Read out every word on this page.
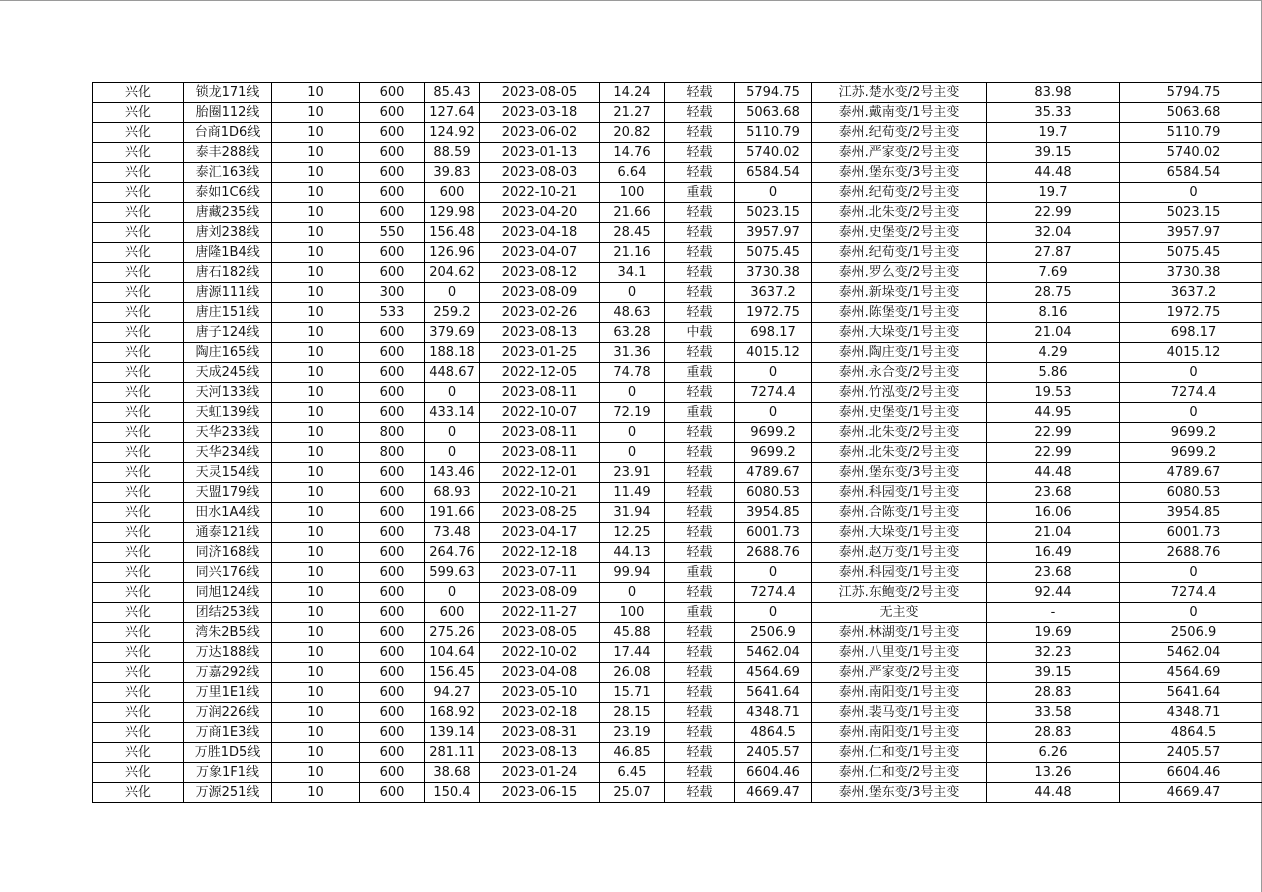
兴化	锁龙171线	10	600	85.43	2023-08-05	14.24	轻载	5794.75	江苏.楚水变/2号主变	83.98	5794.75
兴化	胎圈112线	10	600	127.64	2023-03-18	21.27	轻载	5063.68	泰州.戴南变/1号主变	35.33	5063.68
兴化	台商1D6线	10	600	124.92	2023-06-02	20.82	轻载	5110.79	泰州.纪荀变/2号主变	19.7	5110.79
兴化	泰丰288线	10	600	88.59	2023-01-13	14.76	轻载	5740.02	泰州.严家变/2号主变	39.15	5740.02
兴化	泰汇163线	10	600	39.83	2023-08-03	6.64	轻载	6584.54	泰州.堡东变/3号主变	44.48	6584.54
兴化	泰如1C6线	10	600	600	2022-10-21	100	重载	0	泰州.纪荀变/2号主变	19.7	0
兴化	唐藏235线	10	600	129.98	2023-04-20	21.66	轻载	5023.15	泰州.北朱变/2号主变	22.99	5023.15
兴化	唐刘238线	10	550	156.48	2023-04-18	28.45	轻载	3957.97	泰州.史堡变/2号主变	32.04	3957.97
兴化	唐隆1B4线	10	600	126.96	2023-04-07	21.16	轻载	5075.45	泰州.纪荀变/1号主变	27.87	5075.45
兴化	唐石182线	10	600	204.62	2023-08-12	34.1	轻载	3730.38	泰州.罗么变/2号主变	7.69	3730.38
兴化	唐源111线	10	300	0	2023-08-09	0	轻载	3637.2	泰州.新垛变/1号主变	28.75	3637.2
兴化	唐庄151线	10	533	259.2	2023-02-26	48.63	轻载	1972.75	泰州.陈堡变/1号主变	8.16	1972.75
兴化	唐子124线	10	600	379.69	2023-08-13	63.28	中载	698.17	泰州.大垛变/1号主变	21.04	698.17
兴化	陶庄165线	10	600	188.18	2023-01-25	31.36	轻载	4015.12	泰州.陶庄变/1号主变	4.29	4015.12
兴化	天成245线	10	600	448.67	2022-12-05	74.78	重载	0	泰州.永合变/2号主变	5.86	0
兴化	天河133线	10	600	0	2023-08-11	0	轻载	7274.4	泰州.竹泓变/2号主变	19.53	7274.4
兴化	天虹139线	10	600	433.14	2022-10-07	72.19	重载	0	泰州.史堡变/1号主变	44.95	0
兴化	天华233线	10	800	0	2023-08-11	0	轻载	9699.2	泰州.北朱变/2号主变	22.99	9699.2
兴化	天华234线	10	800	0	2023-08-11	0	轻载	9699.2	泰州.北朱变/2号主变	22.99	9699.2
兴化	天灵154线	10	600	143.46	2022-12-01	23.91	轻载	4789.67	泰州.堡东变/3号主变	44.48	4789.67
兴化	天盟179线	10	600	68.93	2022-10-21	11.49	轻载	6080.53	泰州.科园变/1号主变	23.68	6080.53
兴化	田水1A4线	10	600	191.66	2023-08-25	31.94	轻载	3954.85	泰州.合陈变/1号主变	16.06	3954.85
兴化	通泰121线	10	600	73.48	2023-04-17	12.25	轻载	6001.73	泰州.大垛变/1号主变	21.04	6001.73
兴化	同济168线	10	600	264.76	2022-12-18	44.13	轻载	2688.76	泰州.赵万变/1号主变	16.49	2688.76
兴化	同兴176线	10	600	599.63	2023-07-11	99.94	重载	0	泰州.科园变/1号主变	23.68	0
兴化	同旭124线	10	600	0	2023-08-09	0	轻载	7274.4	江苏.东鲍变/2号主变	92.44	7274.4
兴化	团结253线	10	600	600	2022-11-27	100	重载	0	无主变	-	0
兴化	湾朱2B5线	10	600	275.26	2023-08-05	45.88	轻载	2506.9	泰州.林湖变/1号主变	19.69	2506.9
兴化	万达188线	10	600	104.64	2022-10-02	17.44	轻载	5462.04	泰州.八里变/1号主变	32.23	5462.04
兴化	万嘉292线	10	600	156.45	2023-04-08	26.08	轻载	4564.69	泰州.严家变/2号主变	39.15	4564.69
兴化	万里1E1线	10	600	94.27	2023-05-10	15.71	轻载	5641.64	泰州.南阳变/1号主变	28.83	5641.64
兴化	万润226线	10	600	168.92	2023-02-18	28.15	轻载	4348.71	泰州.裴马变/1号主变	33.58	4348.71
兴化	万商1E3线	10	600	139.14	2023-08-31	23.19	轻载	4864.5	泰州.南阳变/1号主变	28.83	4864.5
兴化	万胜1D5线	10	600	281.11	2023-08-13	46.85	轻载	2405.57	泰州.仁和变/1号主变	6.26	2405.57
兴化	万象1F1线	10	600	38.68	2023-01-24	6.45	轻载	6604.46	泰州.仁和变/2号主变	13.26	6604.46
兴化	万源251线	10	600	150.4	2023-06-15	25.07	轻载	4669.47	泰州.堡东变/3号主变	44.48	4669.47
